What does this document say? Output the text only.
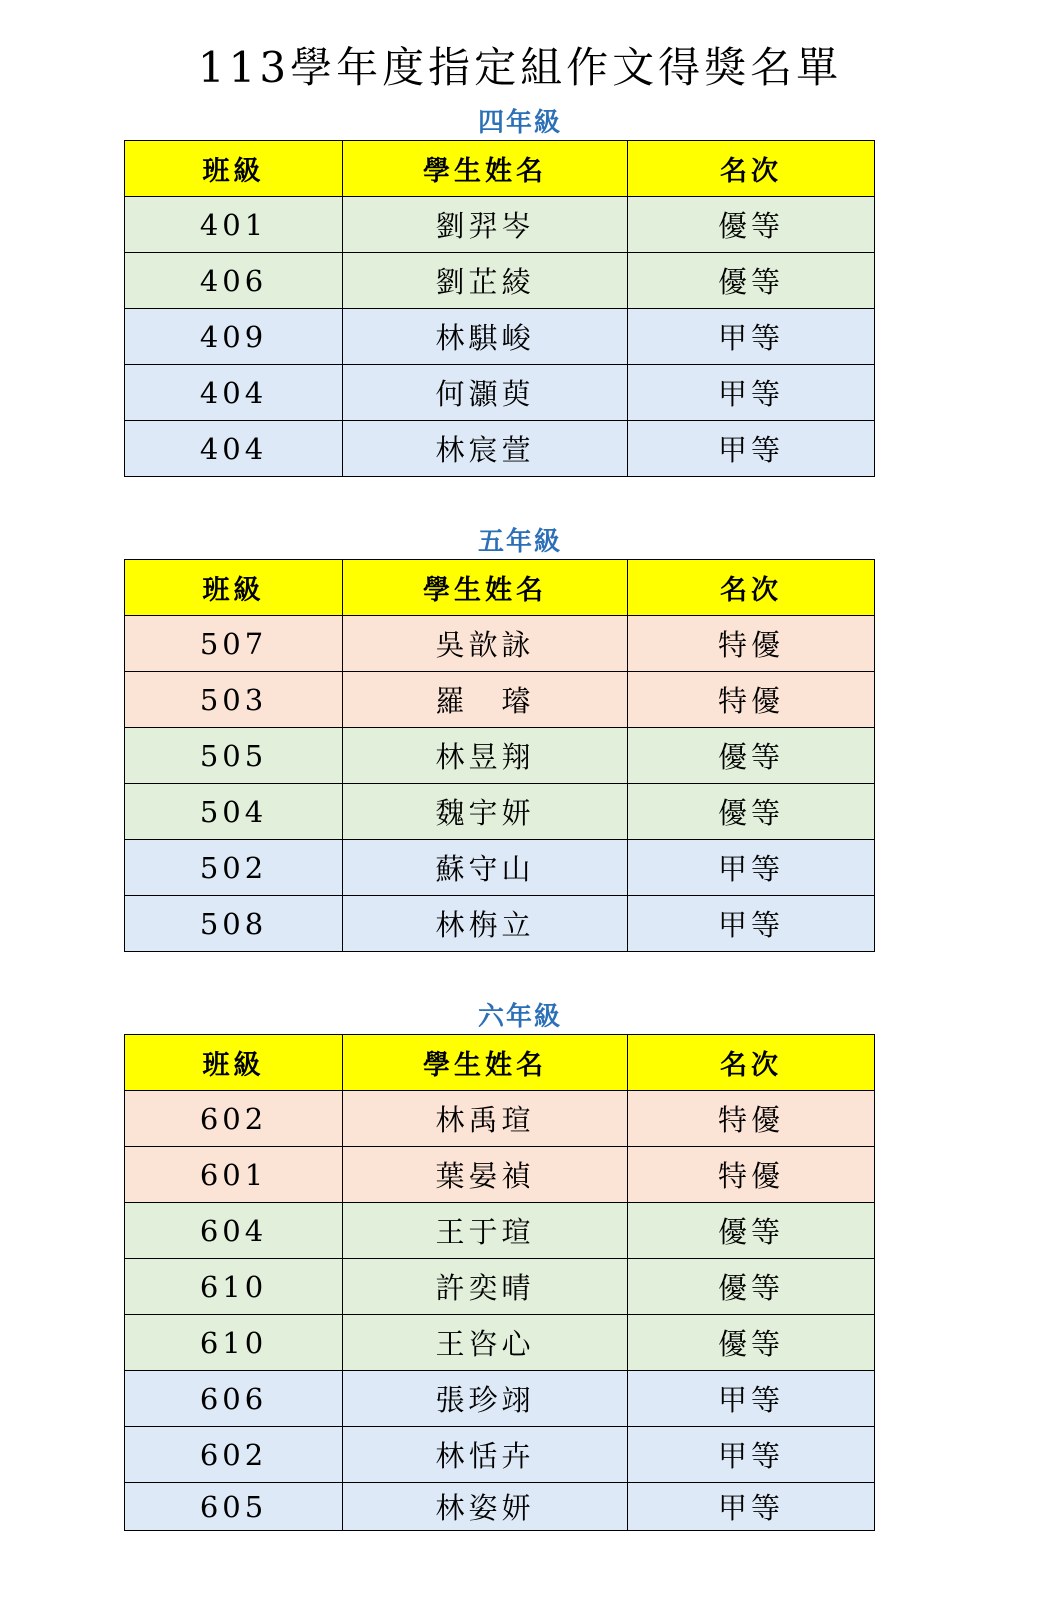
113學年度指定組作文得獎名單
四年級
班級	學生姓名	名次
401	劉羿岑	優等
406	劉芷綾	優等
409	林騏峻	甲等
404	何灝萸	甲等
404	林宸萱	甲等
五年級
班級	學生姓名	名次
507	吳歆詠	特優
503	羅　璿	特優
505	林昱翔	優等
504	魏宇妍	優等
502	蘇守山	甲等
508	林栴立	甲等
六年級
班級	學生姓名	名次
602	林禹瑄	特優
601	葉晏禎	特優
604	王于瑄	優等
610	許奕晴	優等
610	王咨心	優等
606	張珍翊	甲等
602	林恬卉	甲等
605	林姿妍	甲等
